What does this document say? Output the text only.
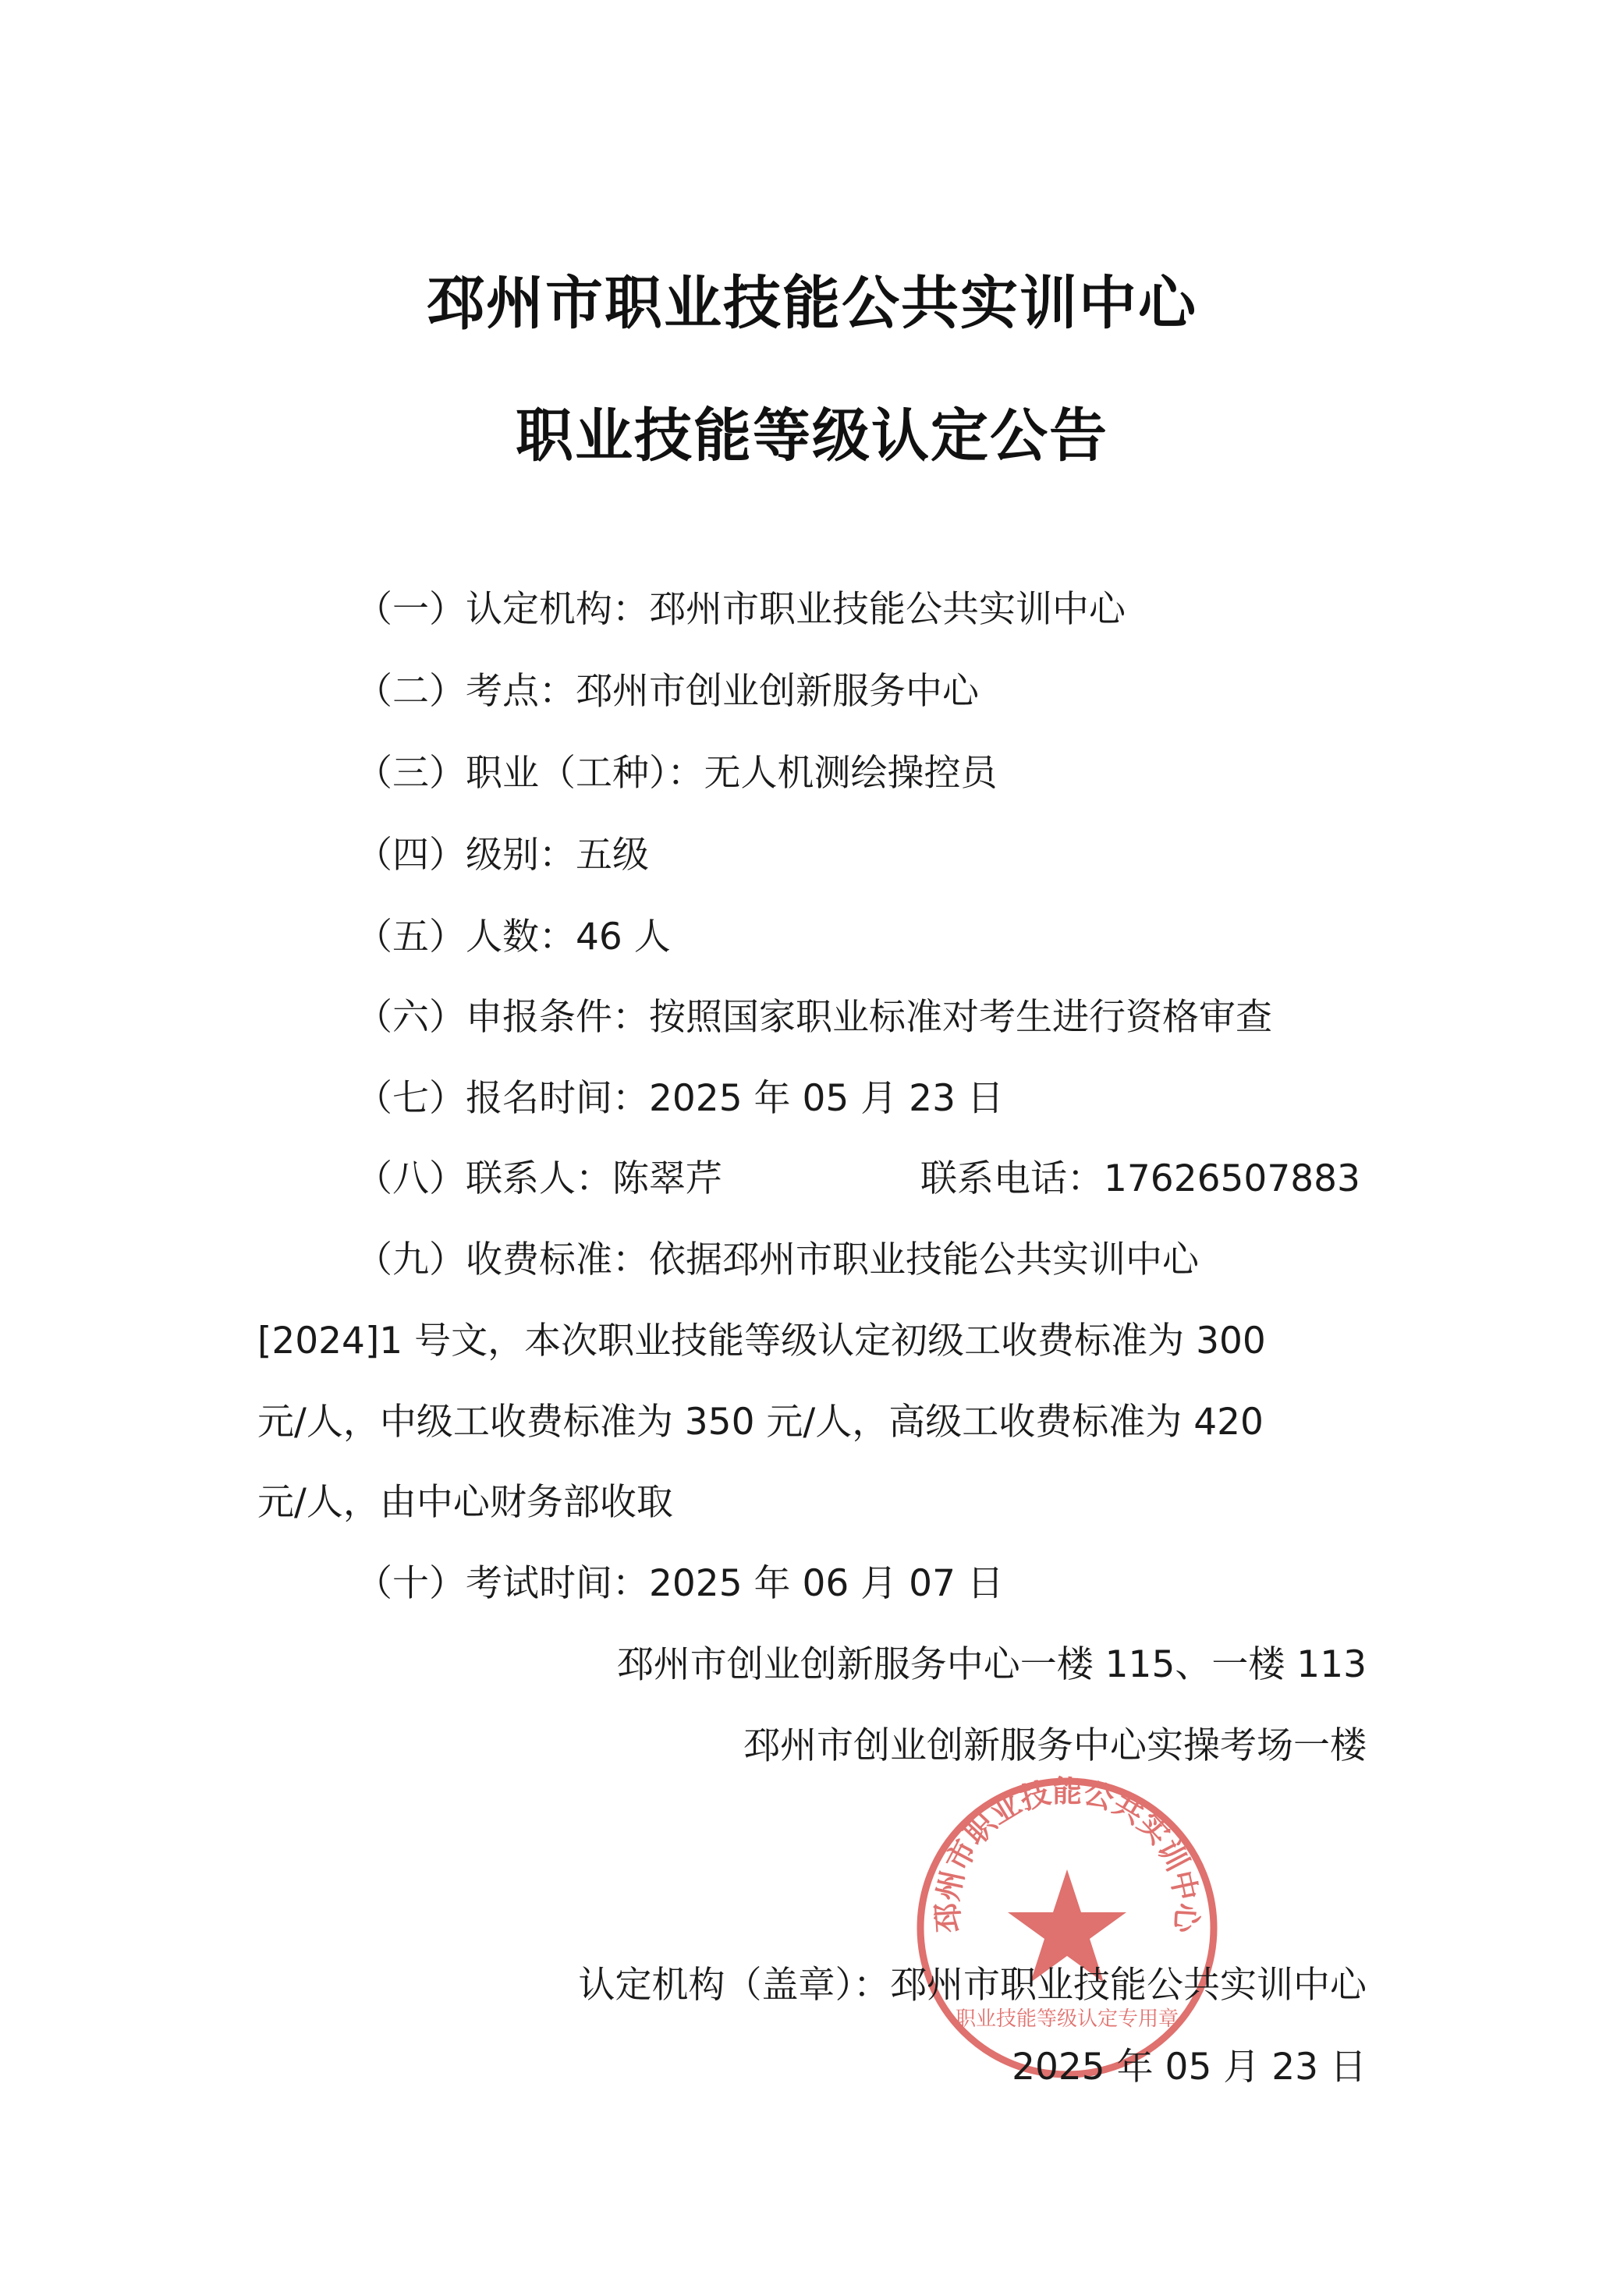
邳州市职业技能公共实训中心
职业技能等级认定公告
（一）认定机构：邳州市职业技能公共实训中心
（二）考点：邳州市创业创新服务中心
（三）职业（工种）：无人机测绘操控员
（四）级别：五级
（五）人数：46 人
（六）申报条件：按照国家职业标准对考生进行资格审查
（七）报名时间：2025 年 05 月 23 日
（八）联系人：陈翠芹	联系电话：17626507883
（九）收费标准：依据邳州市职业技能公共实训中心
[2024]1 号文，本次职业技能等级认定初级工收费标准为 300
元/人，中级工收费标准为 350 元/人，高级工收费标准为 420
元/人，由中心财务部收取
（十）考试时间：2025 年 06 月 07 日
邳州市创业创新服务中心一楼 115、一楼 113
邳州市创业创新服务中心实操考场一楼
邳州市职业技能公共实训中心
职业技能等级认定专用章
认定机构（盖章）：邳州市职业技能公共实训中心
2025 年 05 月 23 日
